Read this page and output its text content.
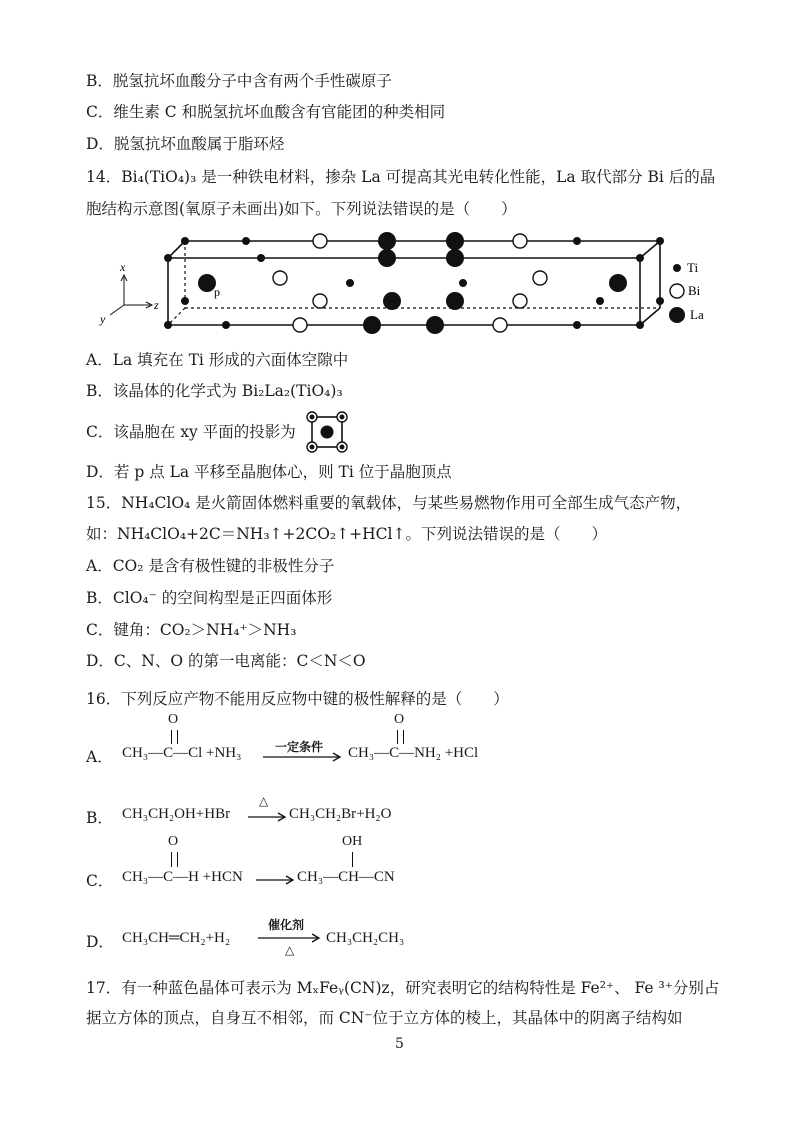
B．脱氢抗坏血酸分子中含有两个手性碳原子
C．维生素 C 和脱氢抗坏血酸含有官能团的种类相同
D．脱氢抗坏血酸属于脂环烃
14．Bi₄(TiO₄)₃ 是一种铁电材料，掺杂 La 可提高其光电转化性能，La 取代部分 Bi 后的晶
胞结构示意图(氧原子未画出)如下。下列说法错误的是（　　）
x
z
y
p
Ti
Bi
La
A．La 填充在 Ti 形成的六面体空隙中
B．该晶体的化学式为 Bi₂La₂(TiO₄)₃
C．该晶胞在 xy 平面的投影为
D．若 p 点 La 平移至晶胞体心，则 Ti 位于晶胞顶点
15．NH₄ClO₄ 是火箭固体燃料重要的氧载体，与某些易燃物作用可全部生成气态产物，
如：NH₄ClO₄+2C＝NH₃↑+2CO₂↑+HCl↑。下列说法错误的是（　　）
A．CO₂ 是含有极性键的非极性分子
B．ClO₄⁻ 的空间构型是正四面体形
C．键角：CO₂＞NH₄⁺＞NH₃
D．C、N、O 的第一电离能：C＜N＜O
16．下列反应产物不能用反应物中键的极性解释的是（　　）
A． CH₃—C—Cl +NH₃
O
一定条件 CH₃—C—NH₂ +HCl
O
B． CH₃CH₂OH+HBr
△
CH₃CH₂Br+H₂O
C． CH₃—C—H +HCN
O
CH₃—CH—CN
OH
D． CH₃CH═CH₂+H₂
催化剂
△
CH₃CH₂CH₃
17．有一种蓝色晶体可表示为 MₓFeᵧ(CN)z，研究表明它的结构特性是 Fe²⁺、 Fe ³⁺分别占
据立方体的顶点，自身互不相邻，而 CN⁻位于立方体的棱上，其晶体中的阴离子结构如
5
